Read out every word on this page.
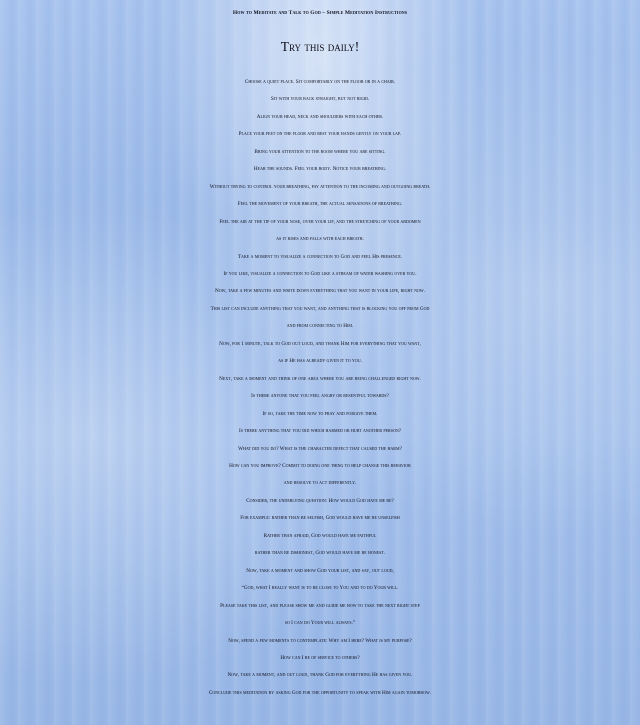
How to Meditate and Talk to God – Simple Meditation Instructions

Try this daily!

Choose a quiet place. Sit comfortably on the floor or in a chair.
Sit with your back straight, but not rigid.
Align your head, neck and shoulders with each other.
Place your feet on the floor and rest your hands gently on your lap.
Bring your attention to the room where you are sitting.
Hear the sounds. Feel your body. Notice your breathing.
Without trying to control your breathing, pay attention to the incoming and outgoing breath.
Feel the movement of your breath, the actual sensations of breathing.
Feel the air at the tip of your nose, over your lip, and the stretching of your abdomen
as it rises and falls with each breath.
Take a moment to visualize a connection to God and feel His presence.
If you like, visualize a connection to God like a stream of water washing over you.
Now, take a few minutes and write down everything that you want in your life, right now.
This list can include anything that you want, and anything that is blocking you off from God
and from connecting to Him.
Now, for 1 minute, talk to God out loud, and thank Him for everything that you want,
as if He has already given it to you.
Next, take a moment and think of one area where you are being challenged right now.
Is there anyone that you feel angry or resentful towards?
If so, take the time now to pray and forgive them.
Is there anything that you did which harmed or hurt another person?
What did you do? What is the character defect that caused the harm?
How can you improve? Commit to doing one thing to help change this behavior
and resolve to act differently.
Consider, the underlying question: How would God have me be?
For example: rather than be selfish, God would have me be unselfish
Rather than afraid, God would have me faithful
rather than be dishonest, God would have me be honest.
Now, take a moment and show God your list, and say, out loud,
“God, what I really want is to be close to You and to do Your will.
Please take this list, and please show me and guide me how to take the next right step
so I can do Your will always.”
Now, spend a few moments to contemplate: Why am I here? What is my purpose?
How can I be of service to others?
Now, take a moment, and out loud, thank God for everything He has given you.
Conclude this meditation by asking God for the opportunity to speak with Him again tomorrow.
